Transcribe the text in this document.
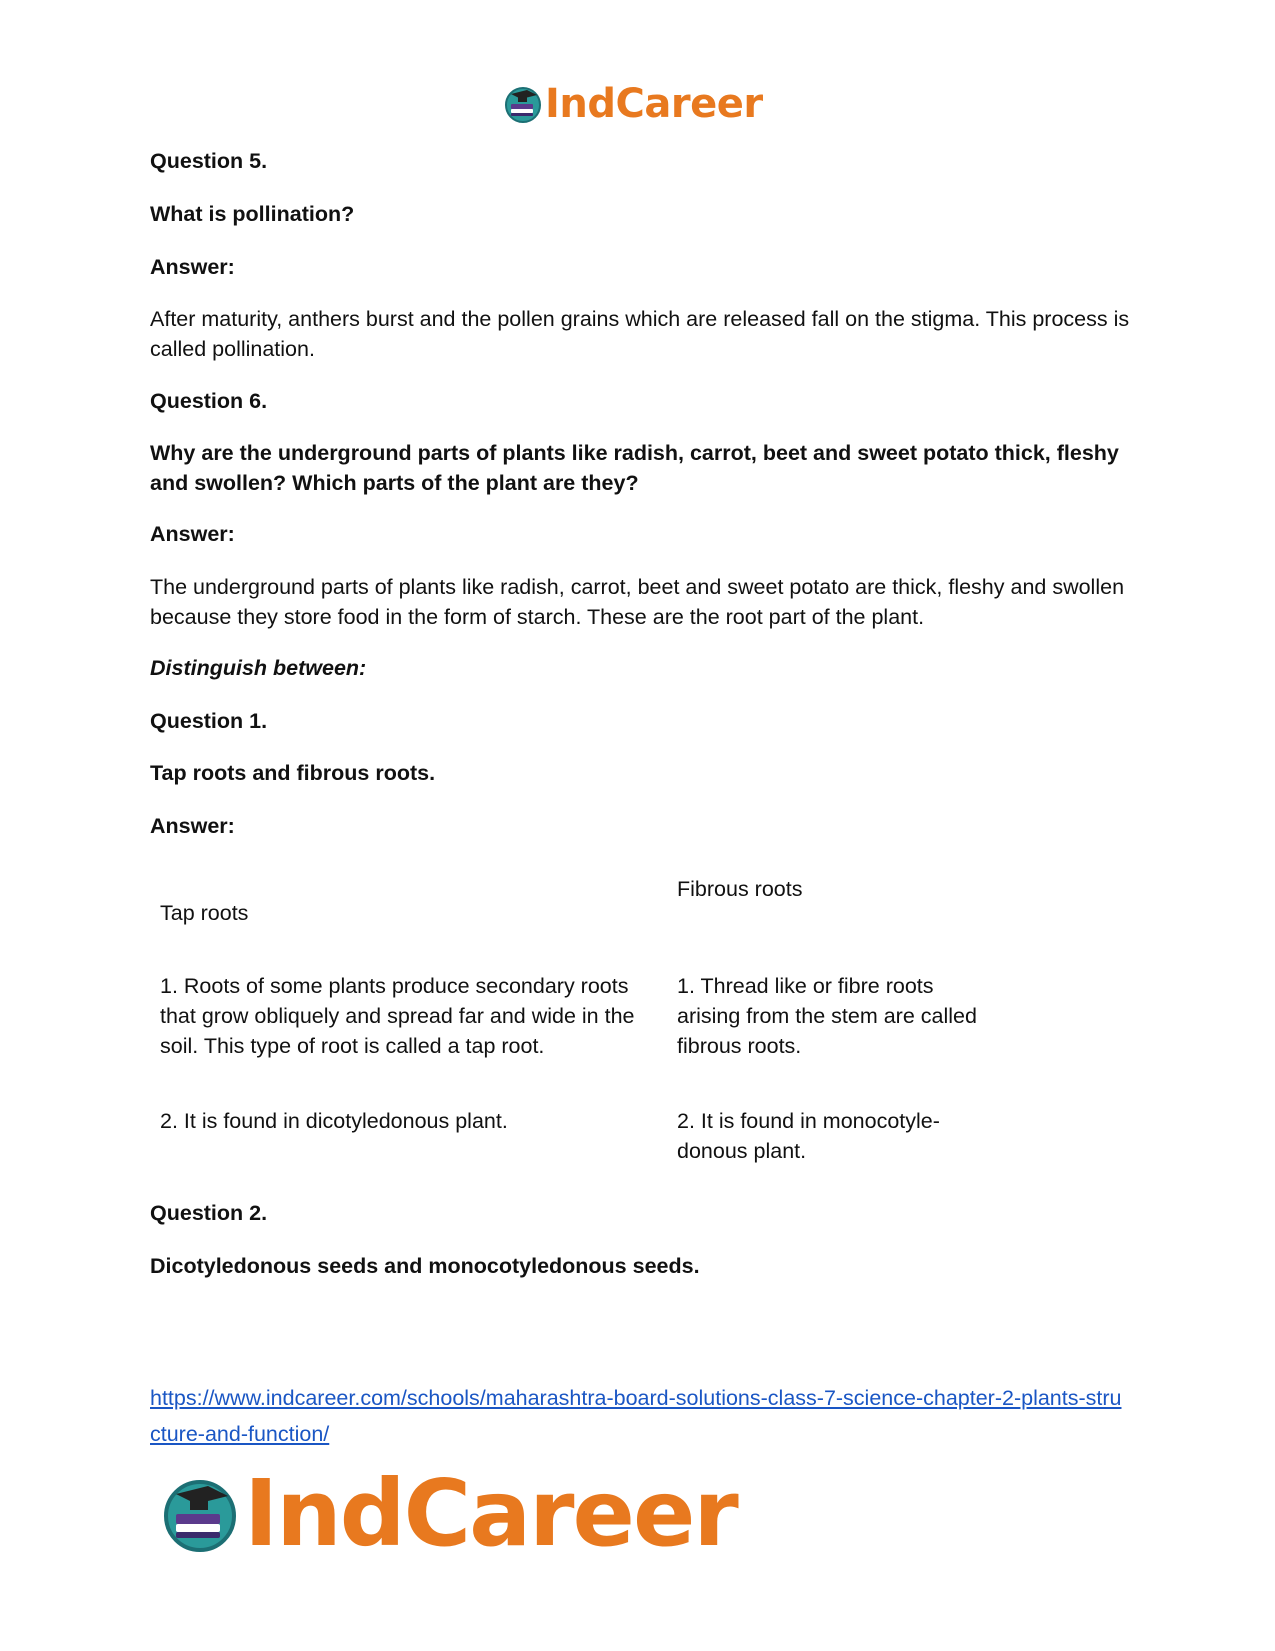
IndCareer

Question 5.

What is pollination?

Answer:

After maturity, anthers burst and the pollen grains which are released fall on the stigma. This process is called pollination.

Question 6.

Why are the underground parts of plants like radish, carrot, beet and sweet potato thick, fleshy and swollen? Which parts of the plant are they?

Answer:

The underground parts of plants like radish, carrot, beet and sweet potato are thick, fleshy and swollen because they store food in the form of starch. These are the root part of the plant.

Distinguish between:

Question 1.

Tap roots and fibrous roots.

Answer:

Tap roots

Fibrous roots

1. Roots of some plants produce secondary roots that grow obliquely and spread far and wide in the soil. This type of root is called a tap root.

1. Thread like or fibre roots arising from the stem are called fibrous roots.

2. It is found in dicotyledonous plant.	2. It is found in monocotyle-donous plant.

Question 2.

Dicotyledonous seeds and monocotyledonous seeds.

https://www.indcareer.com/schools/maharashtra-board-solutions-class-7-science-chapter-2-plants-structure-and-function/
IndCareer
